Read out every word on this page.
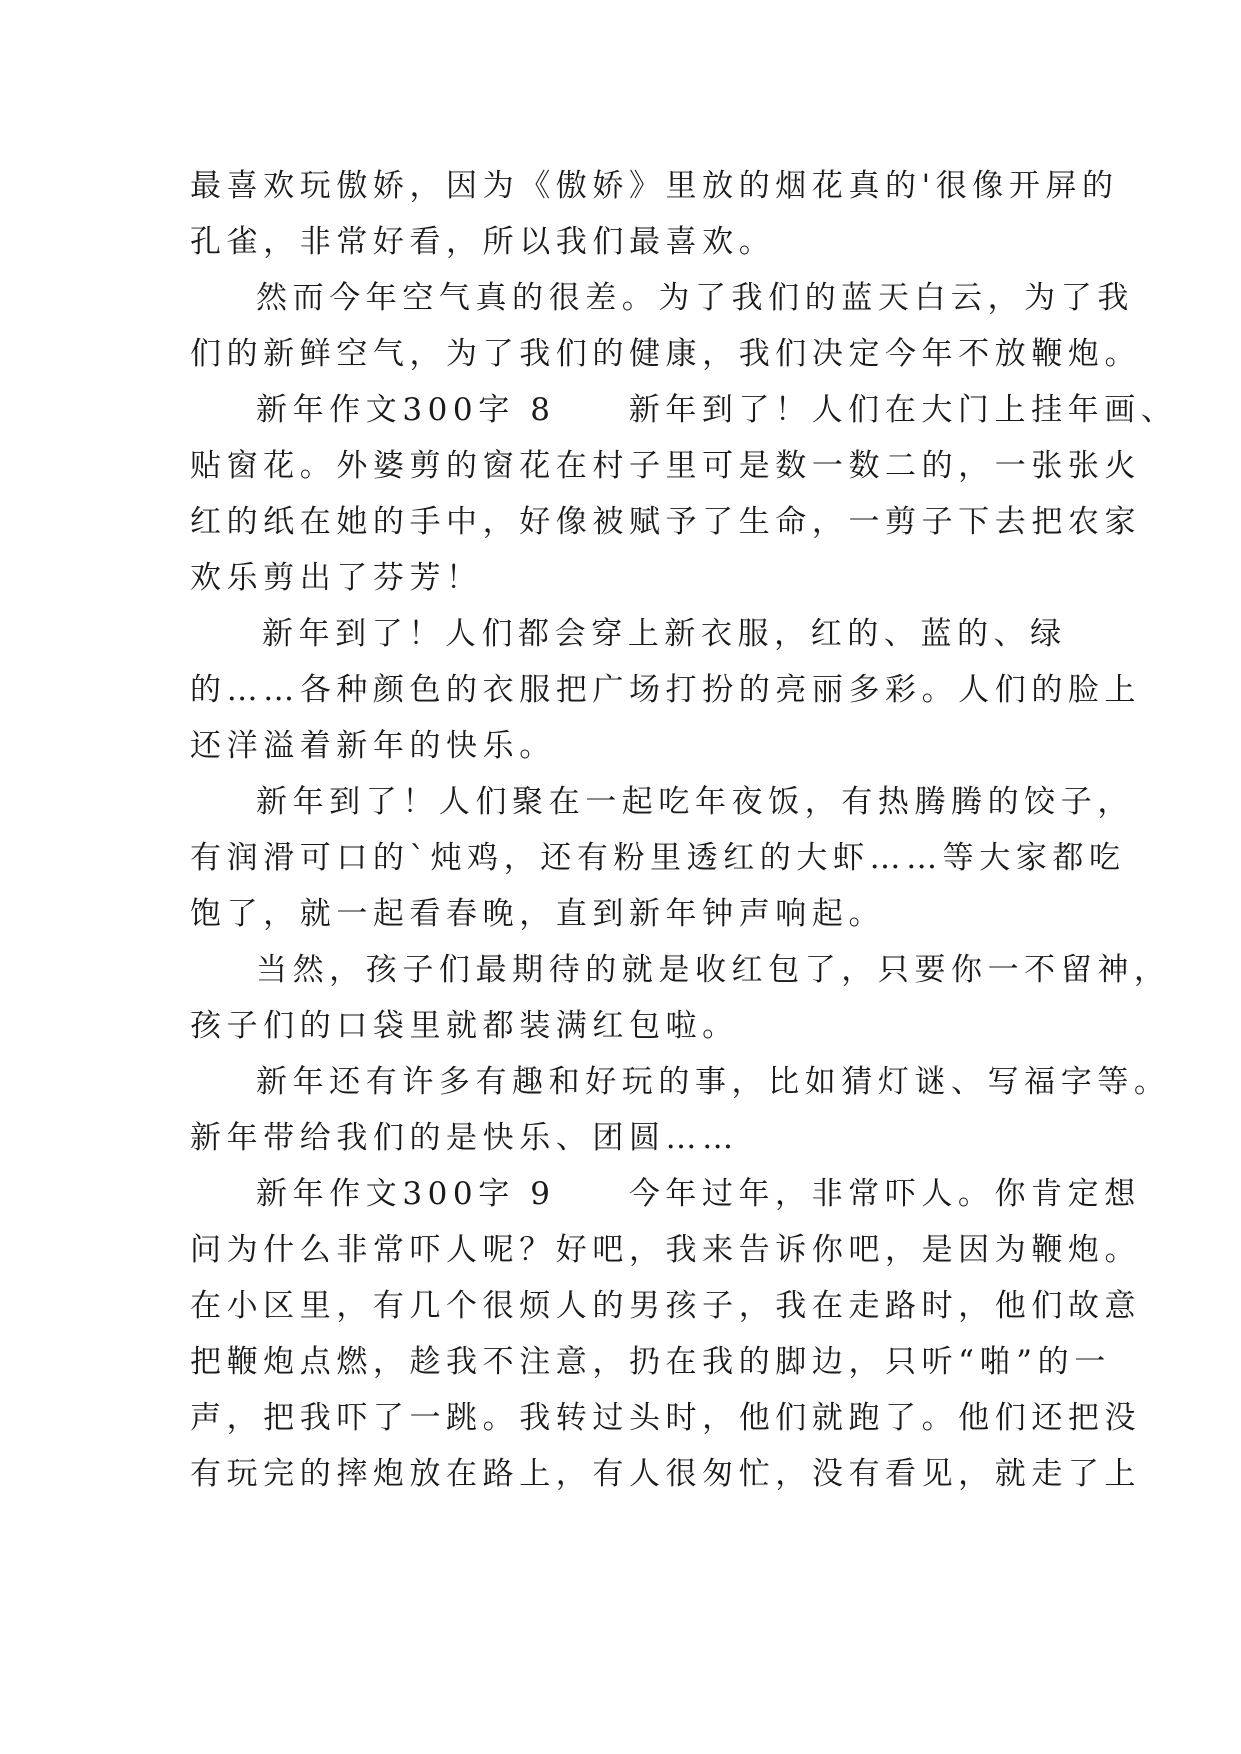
最喜欢玩傲娇，因为《傲娇》里放的烟花真的'很像开屏的
孔雀，非常好看，所以我们最喜欢。
然而今年空气真的很差。为了我们的蓝天白云，为了我
们的新鲜空气，为了我们的健康，我们决定今年不放鞭炮。
新年作文300字 8　　新年到了！人们在大门上挂年画、
贴窗花。外婆剪的窗花在村子里可是数一数二的，一张张火
红的纸在她的手中，好像被赋予了生命，一剪子下去把农家
欢乐剪出了芬芳！
新年到了！人们都会穿上新衣服，红的、蓝的、绿
的……各种颜色的衣服把广场打扮的亮丽多彩。人们的脸上
还洋溢着新年的快乐。
新年到了！人们聚在一起吃年夜饭，有热腾腾的饺子，
有润滑可口的`炖鸡，还有粉里透红的大虾……等大家都吃
饱了，就一起看春晚，直到新年钟声响起。
当然，孩子们最期待的就是收红包了，只要你一不留神，
孩子们的口袋里就都装满红包啦。
新年还有许多有趣和好玩的事，比如猜灯谜、写福字等。
新年带给我们的是快乐、团圆……
新年作文300字 9　　今年过年，非常吓人。你肯定想
问为什么非常吓人呢？好吧，我来告诉你吧，是因为鞭炮。
在小区里，有几个很烦人的男孩子，我在走路时，他们故意
把鞭炮点燃，趁我不注意，扔在我的脚边，只听“啪”的一
声，把我吓了一跳。我转过头时，他们就跑了。他们还把没
有玩完的摔炮放在路上，有人很匆忙，没有看见，就走了上
